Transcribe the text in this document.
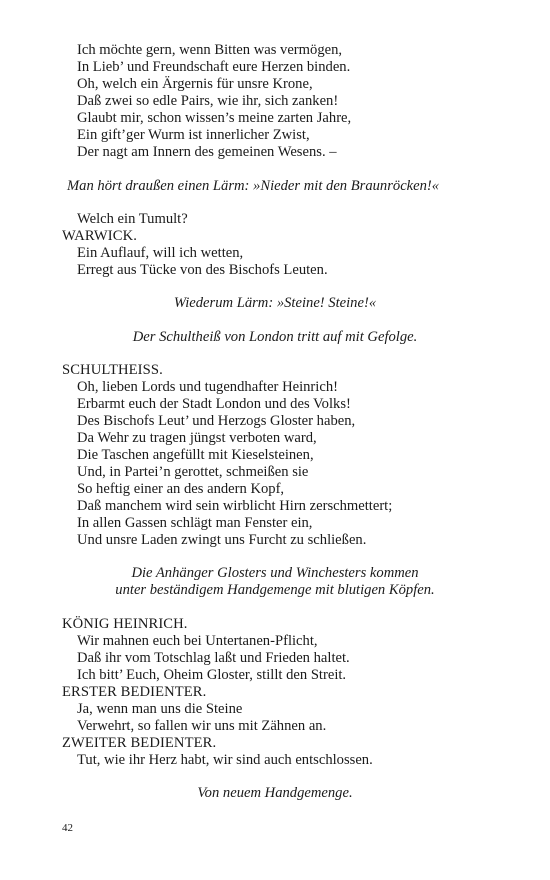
Ich möchte gern, wenn Bitten was vermögen,
In Lieb’ und Freundschaft eure Herzen binden.
Oh, welch ein Ärgernis für unsre Krone,
Daß zwei so edle Pairs, wie ihr, sich zanken!
Glaubt mir, schon wissen’s meine zarten Jahre,
Ein gift’ger Wurm ist innerlicher Zwist,
Der nagt am Innern des gemeinen Wesens. –
Man hört draußen einen Lärm: »Nieder mit den Braunröcken!«
Welch ein Tumult?
WARWICK.
Ein Auflauf, will ich wetten,
Erregt aus Tücke von des Bischofs Leuten.
Wiederum Lärm: »Steine! Steine!«
Der Schultheiß von London tritt auf mit Gefolge.
SCHULTHEISS.
Oh, lieben Lords und tugendhafter Heinrich!
Erbarmt euch der Stadt London und des Volks!
Des Bischofs Leut’ und Herzogs Gloster haben,
Da Wehr zu tragen jüngst verboten ward,
Die Taschen angefüllt mit Kieselsteinen,
Und, in Partei’n gerottet, schmeißen sie
So heftig einer an des andern Kopf,
Daß manchem wird sein wirblicht Hirn zerschmettert;
In allen Gassen schlägt man Fenster ein,
Und unsre Laden zwingt uns Furcht zu schließen.
Die Anhänger Glosters und Winchesters kommen
unter beständigem Handgemenge mit blutigen Köpfen.
KÖNIG HEINRICH.
Wir mahnen euch bei Untertanen-Pflicht,
Daß ihr vom Totschlag laßt und Frieden haltet.
Ich bitt’ Euch, Oheim Gloster, stillt den Streit.
ERSTER BEDIENTER.
Ja, wenn man uns die Steine
Verwehrt, so fallen wir uns mit Zähnen an.
ZWEITER BEDIENTER.
Tut, wie ihr Herz habt, wir sind auch entschlossen.
Von neuem Handgemenge.
42
